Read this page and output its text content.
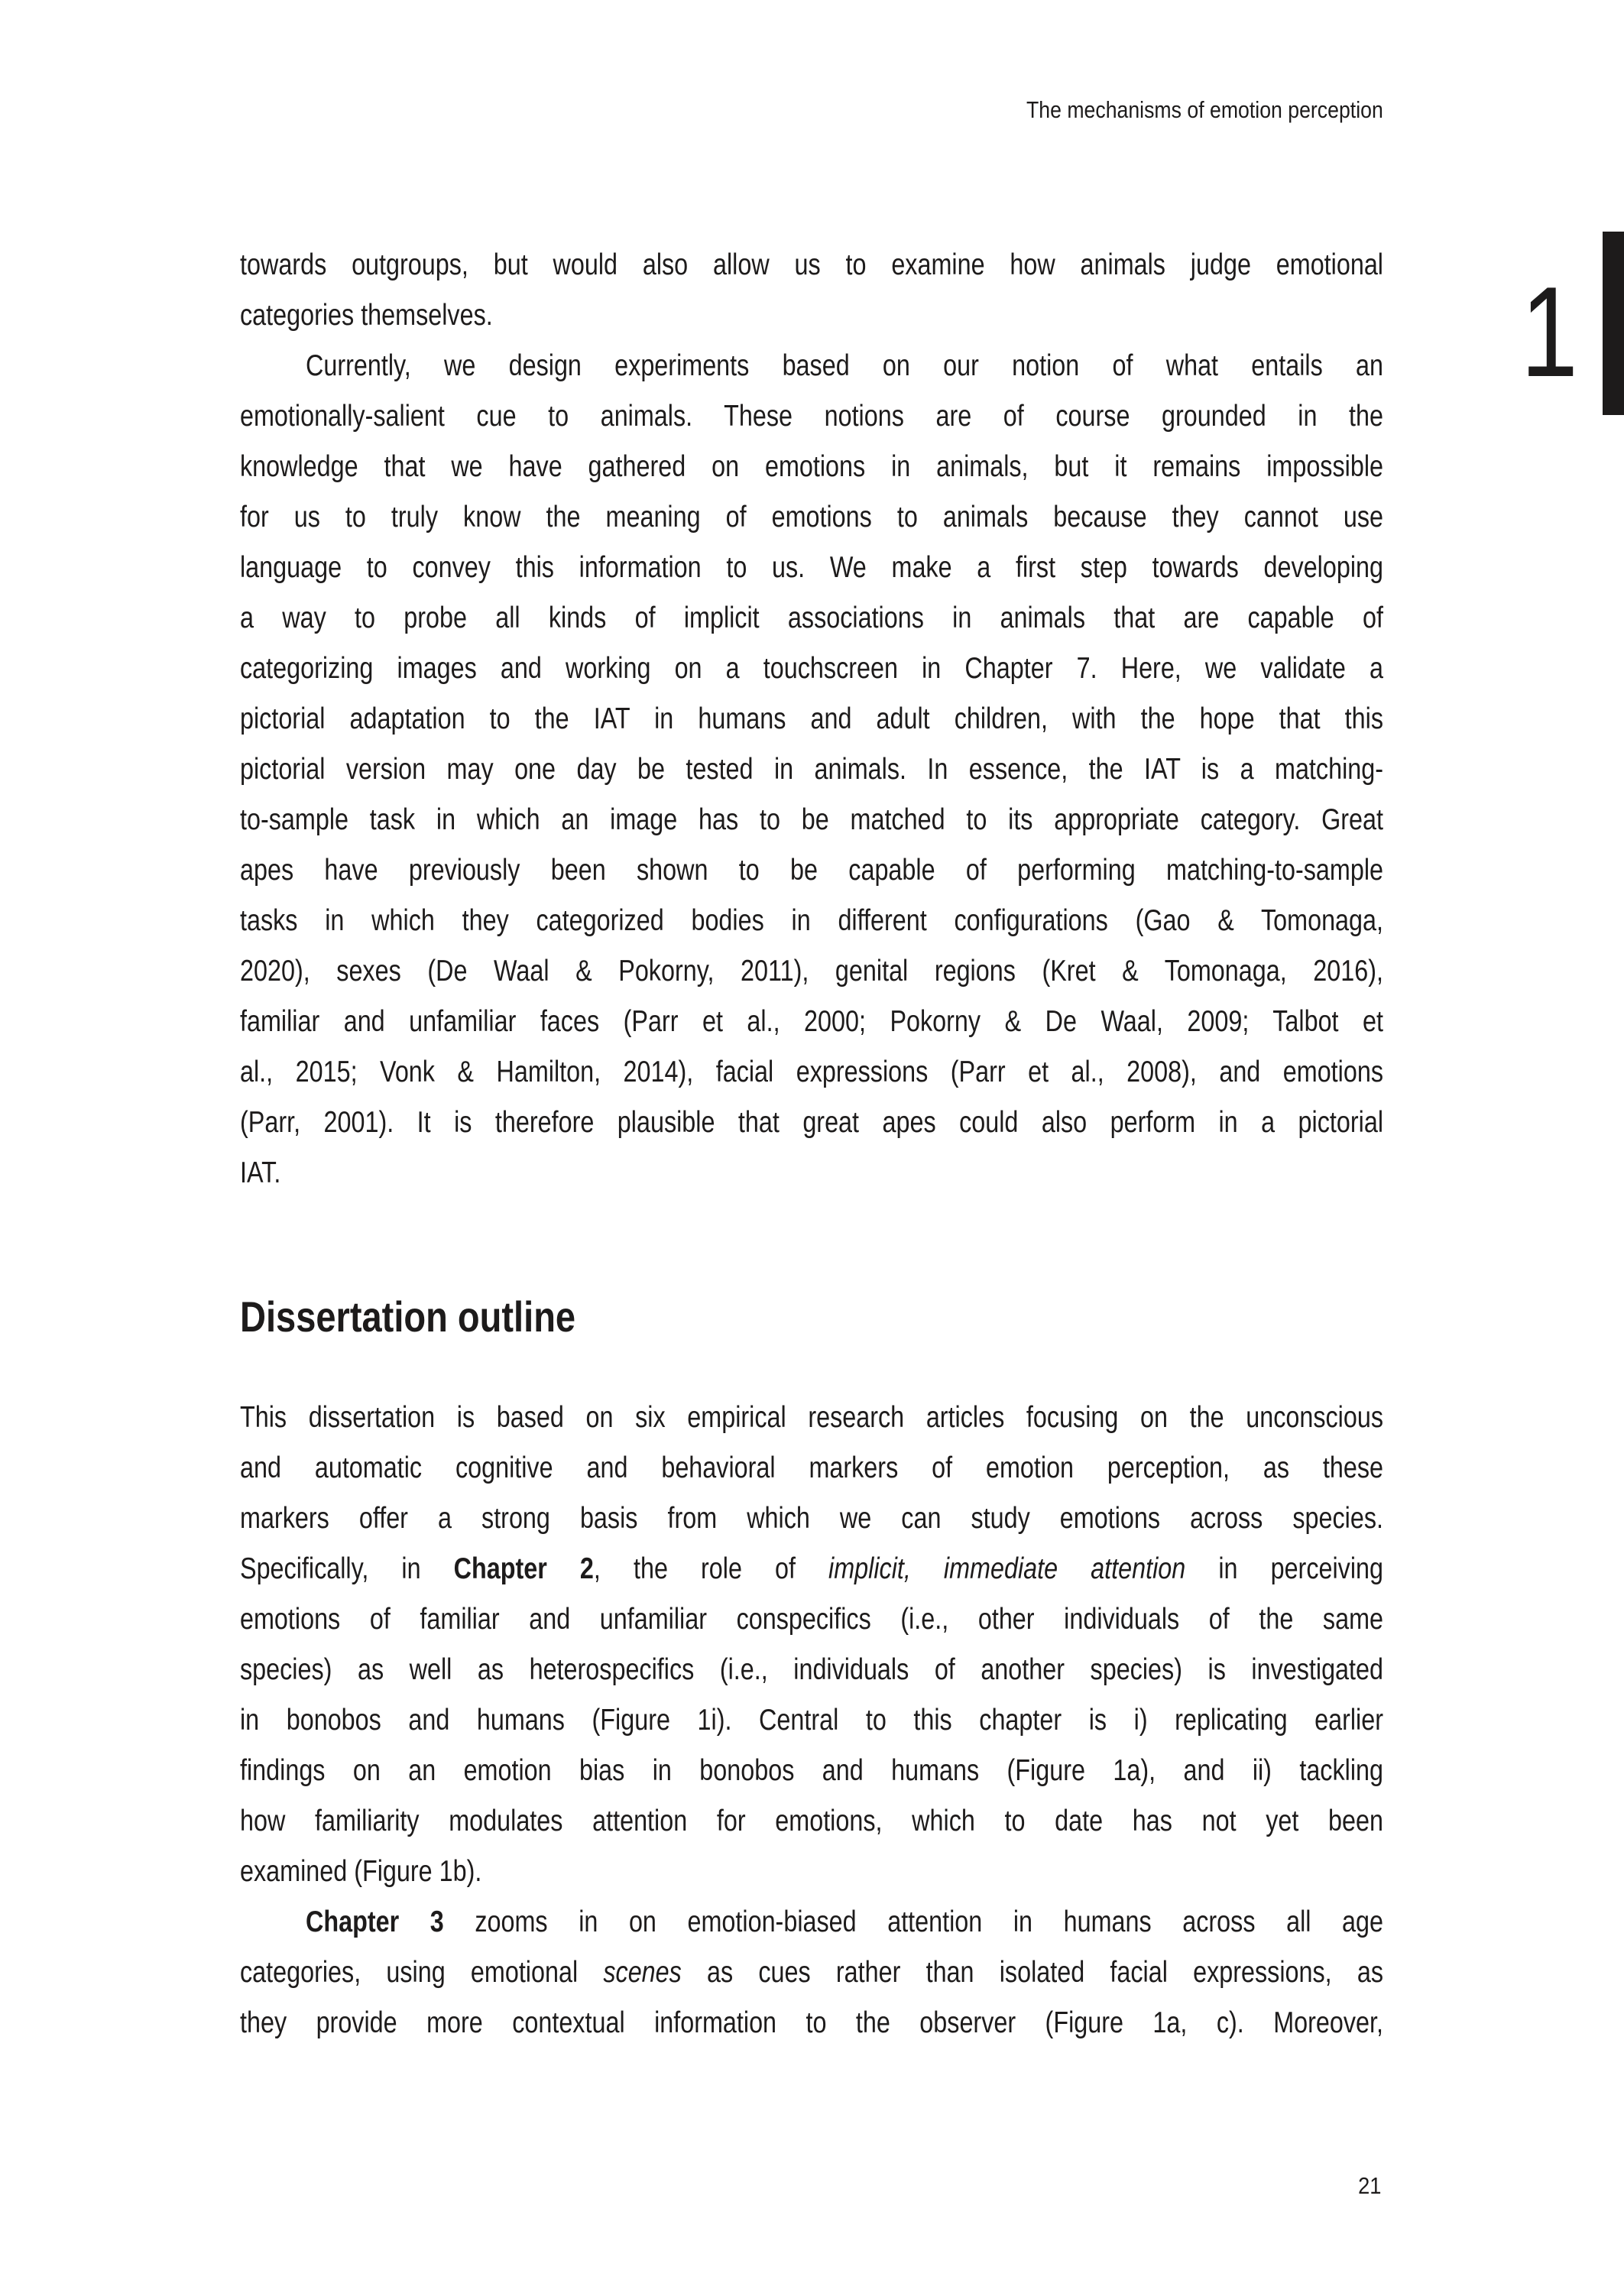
The mechanisms of emotion perception
1
Dissertation outline
towards outgroups, but would also allow us to examine how animals judge emotional
categories themselves.
Currently, we design experiments based on our notion of what entails an
emotionally-salient cue to animals. These notions are of course grounded in the
knowledge that we have gathered on emotions in animals, but it remains impossible
for us to truly know the meaning of emotions to animals because they cannot use
language to convey this information to us. We make a first step towards developing
a way to probe all kinds of implicit associations in animals that are capable of
categorizing images and working on a touchscreen in Chapter 7. Here, we validate a
pictorial adaptation to the IAT in humans and adult children, with the hope that this
pictorial version may one day be tested in animals. In essence, the IAT is a matching-
to-sample task in which an image has to be matched to its appropriate category. Great
apes have previously been shown to be capable of performing matching-to-sample
tasks in which they categorized bodies in different configurations (Gao & Tomonaga,
2020), sexes (De Waal & Pokorny, 2011), genital regions (Kret & Tomonaga, 2016),
familiar and unfamiliar faces (Parr et al., 2000; Pokorny & De Waal, 2009; Talbot et
al., 2015; Vonk & Hamilton, 2014), facial expressions (Parr et al., 2008), and emotions
(Parr, 2001). It is therefore plausible that great apes could also perform in a pictorial
IAT.
This dissertation is based on six empirical research articles focusing on the unconscious
and automatic cognitive and behavioral markers of emotion perception, as these
markers offer a strong basis from which we can study emotions across species.
Specifically, in Chapter 2, the role of implicit, immediate attention in perceiving
emotions of familiar and unfamiliar conspecifics (i.e., other individuals of the same
species) as well as heterospecifics (i.e., individuals of another species) is investigated
in bonobos and humans (Figure 1i). Central to this chapter is i) replicating earlier
findings on an emotion bias in bonobos and humans (Figure 1a), and ii) tackling
how familiarity modulates attention for emotions, which to date has not yet been
examined (Figure 1b).
Chapter 3 zooms in on emotion-biased attention in humans across all age
categories, using emotional scenes as cues rather than isolated facial expressions, as
they provide more contextual information to the observer (Figure 1a, c). Moreover,
21
